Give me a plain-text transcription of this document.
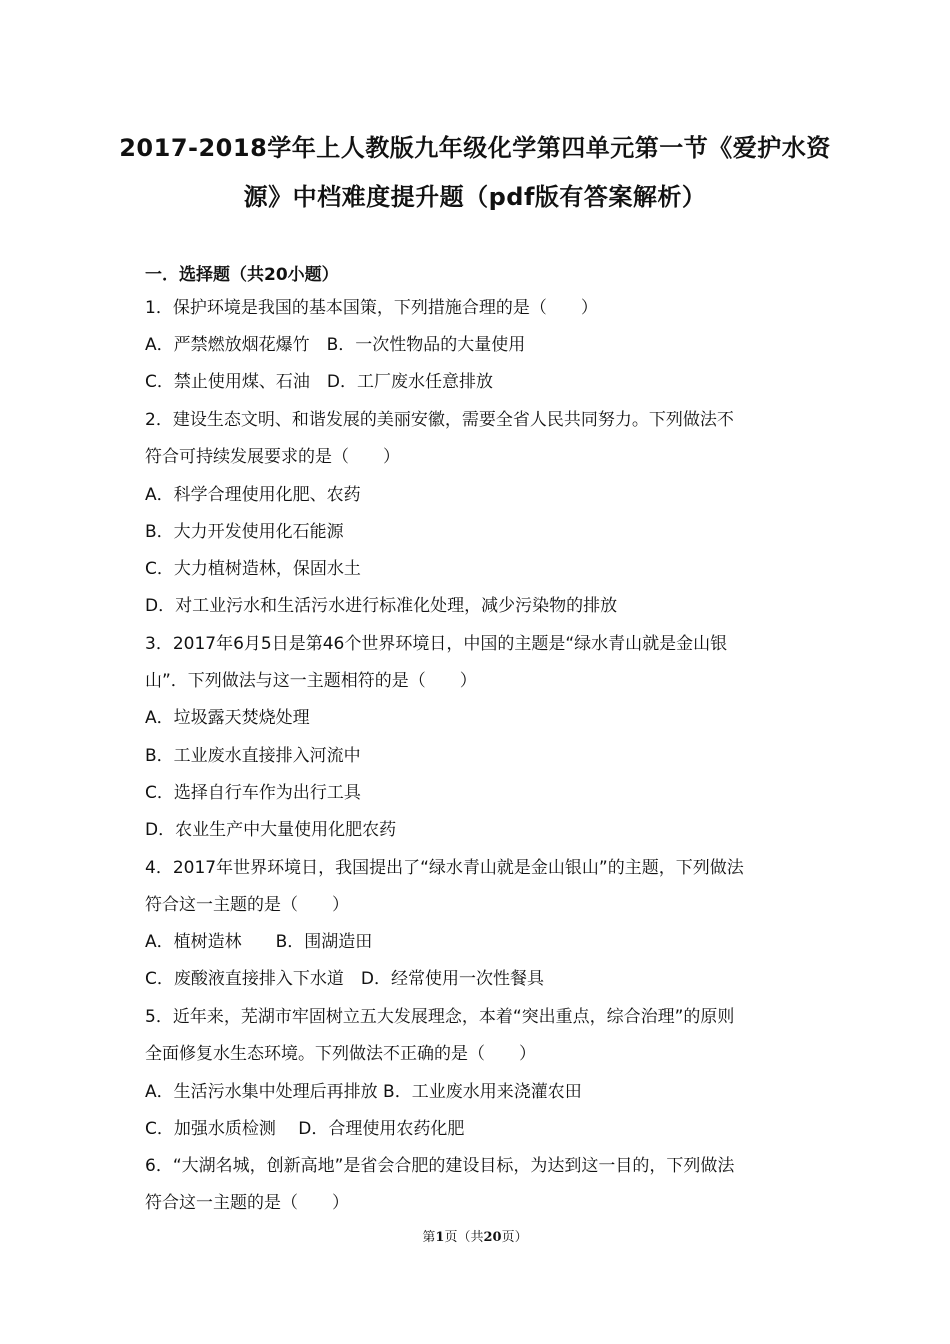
2017-2018学年上人教版九年级化学第四单元第一节《爱护水资
源》中档难度提升题（pdf版有答案解析）
一．选择题（共20小题）
1．保护环境是我国的基本国策，下列措施合理的是（　　）
A．严禁燃放烟花爆竹　B．一次性物品的大量使用
C．禁止使用煤、石油　D．工厂废水任意排放
2．建设生态文明、和谐发展的美丽安徽，需要全省人民共同努力。下列做法不
符合可持续发展要求的是（　　）
A．科学合理使用化肥、农药
B．大力开发使用化石能源
C．大力植树造林，保固水土
D．对工业污水和生活污水进行标准化处理，减少污染物的排放
3．2017年6月5日是第46个世界环境日，中国的主题是“绿水青山就是金山银
山”．下列做法与这一主题相符的是（　　）
A．垃圾露天焚烧处理
B．工业废水直接排入河流中
C．选择自行车作为出行工具
D．农业生产中大量使用化肥农药
4．2017年世界环境日，我国提出了“绿水青山就是金山银山”的主题，下列做法
符合这一主题的是（　　）
A．植树造林　　B．围湖造田
C．废酸液直接排入下水道　D．经常使用一次性餐具
5．近年来，芜湖市牢固树立五大发展理念，本着“突出重点，综合治理”的原则
全面修复水生态环境。下列做法不正确的是（　　）
A．生活污水集中处理后再排放 B．工业废水用来浇灌农田
C．加强水质检测　 D．合理使用农药化肥
6．“大湖名城，创新高地”是省会合肥的建设目标，为达到这一目的，下列做法
符合这一主题的是（　　）
第1页（共20页）
